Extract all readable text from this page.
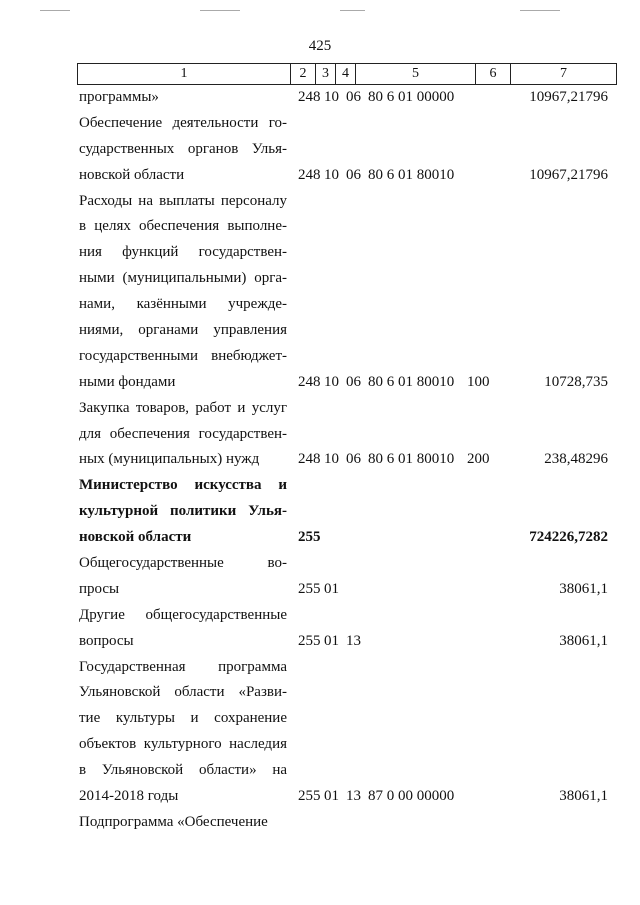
425
1	2	3	4	5	6	7
программы»	248 10 06 80 6 01 00000	10967,21796
Обеспечение деятельности го-
сударственных органов Улья-
новской области	248 10 06 80 6 01 80010	10967,21796
Расходы на выплаты персоналу
в целях обеспечения выполне-
ния функций государствен-
ными (муниципальными) орга-
нами, казёнными учрежде-
ниями, органами управления
государственными внебюджет-
ными фондами	248 10 06 80 6 01 80010 100	10728,735
Закупка товаров, работ и услуг
для обеспечения государствен-
ных (муниципальных) нужд	248 10 06 80 6 01 80010 200	238,48296
Министерство искусства и
культурной политики Улья-
новской области	255	724226,7282
Общегосударственные во-
просы	255 01	38061,1
Другие общегосударственные
вопросы	255 01 13	38061,1
Государственная программа
Ульяновской области «Разви-
тие культуры и сохранение
объектов культурного наследия
в Ульяновской области» на
2014-2018 годы	255 01 13 87 0 00 00000	38061,1
Подпрограмма «Обеспечение
